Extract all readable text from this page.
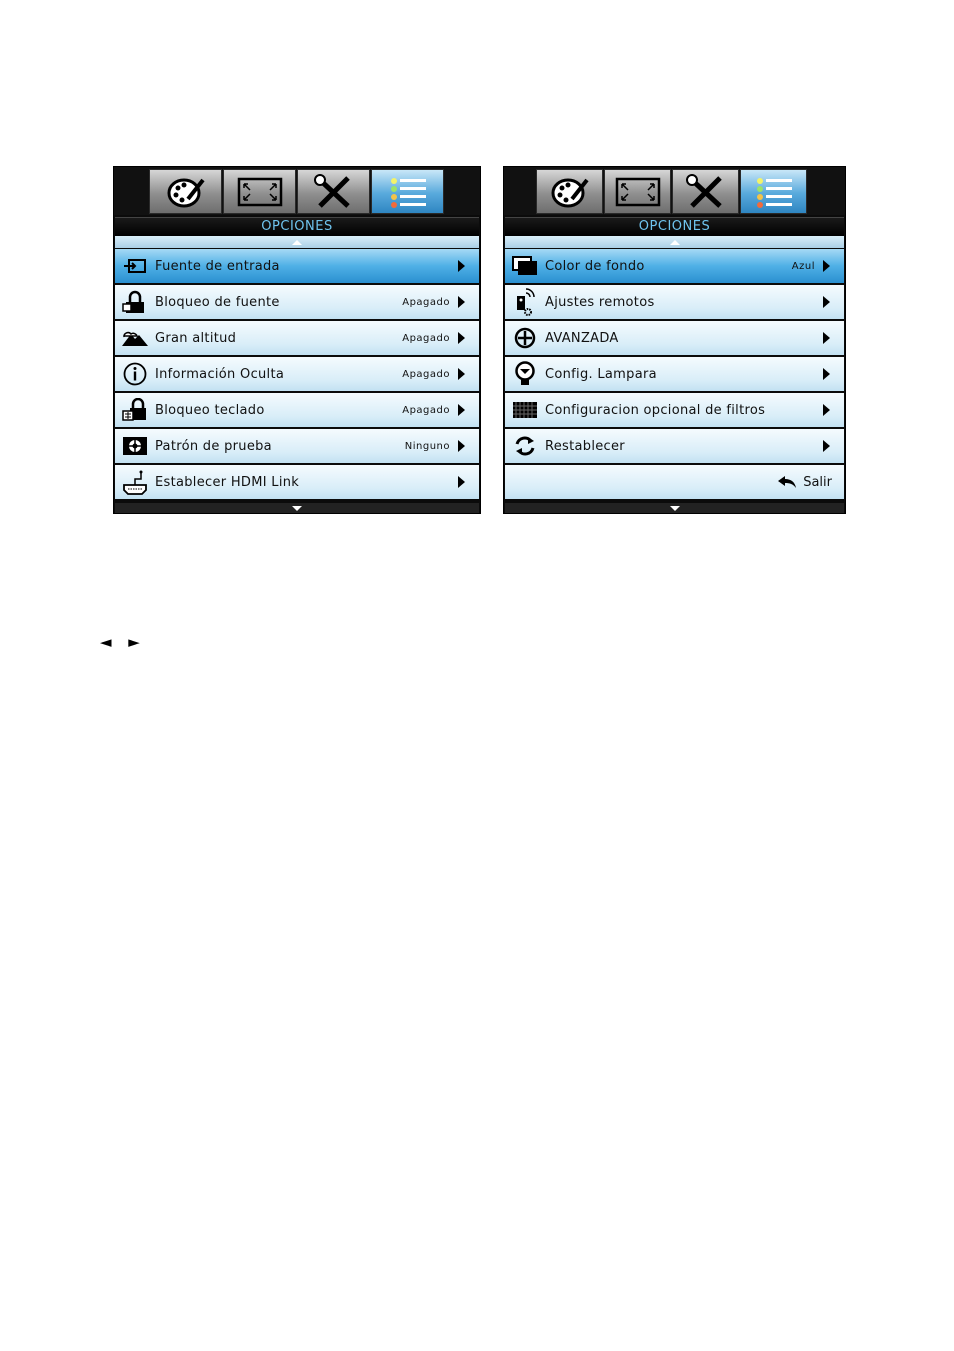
OPCIONES
Fuente de entrada
Bloqueo de fuente	Apagado
Gran altitud	Apagado
Información Oculta	Apagado
Bloqueo teclado	Apagado
Patrón de prueba	Ninguno
Establecer HDMI Link
OPCIONES
Color de fondo	Azul
Ajustes remotos
AVANZADA
Config. Lampara
Configuracion opcional de filtros
Restablecer
Salir
◄ ►
